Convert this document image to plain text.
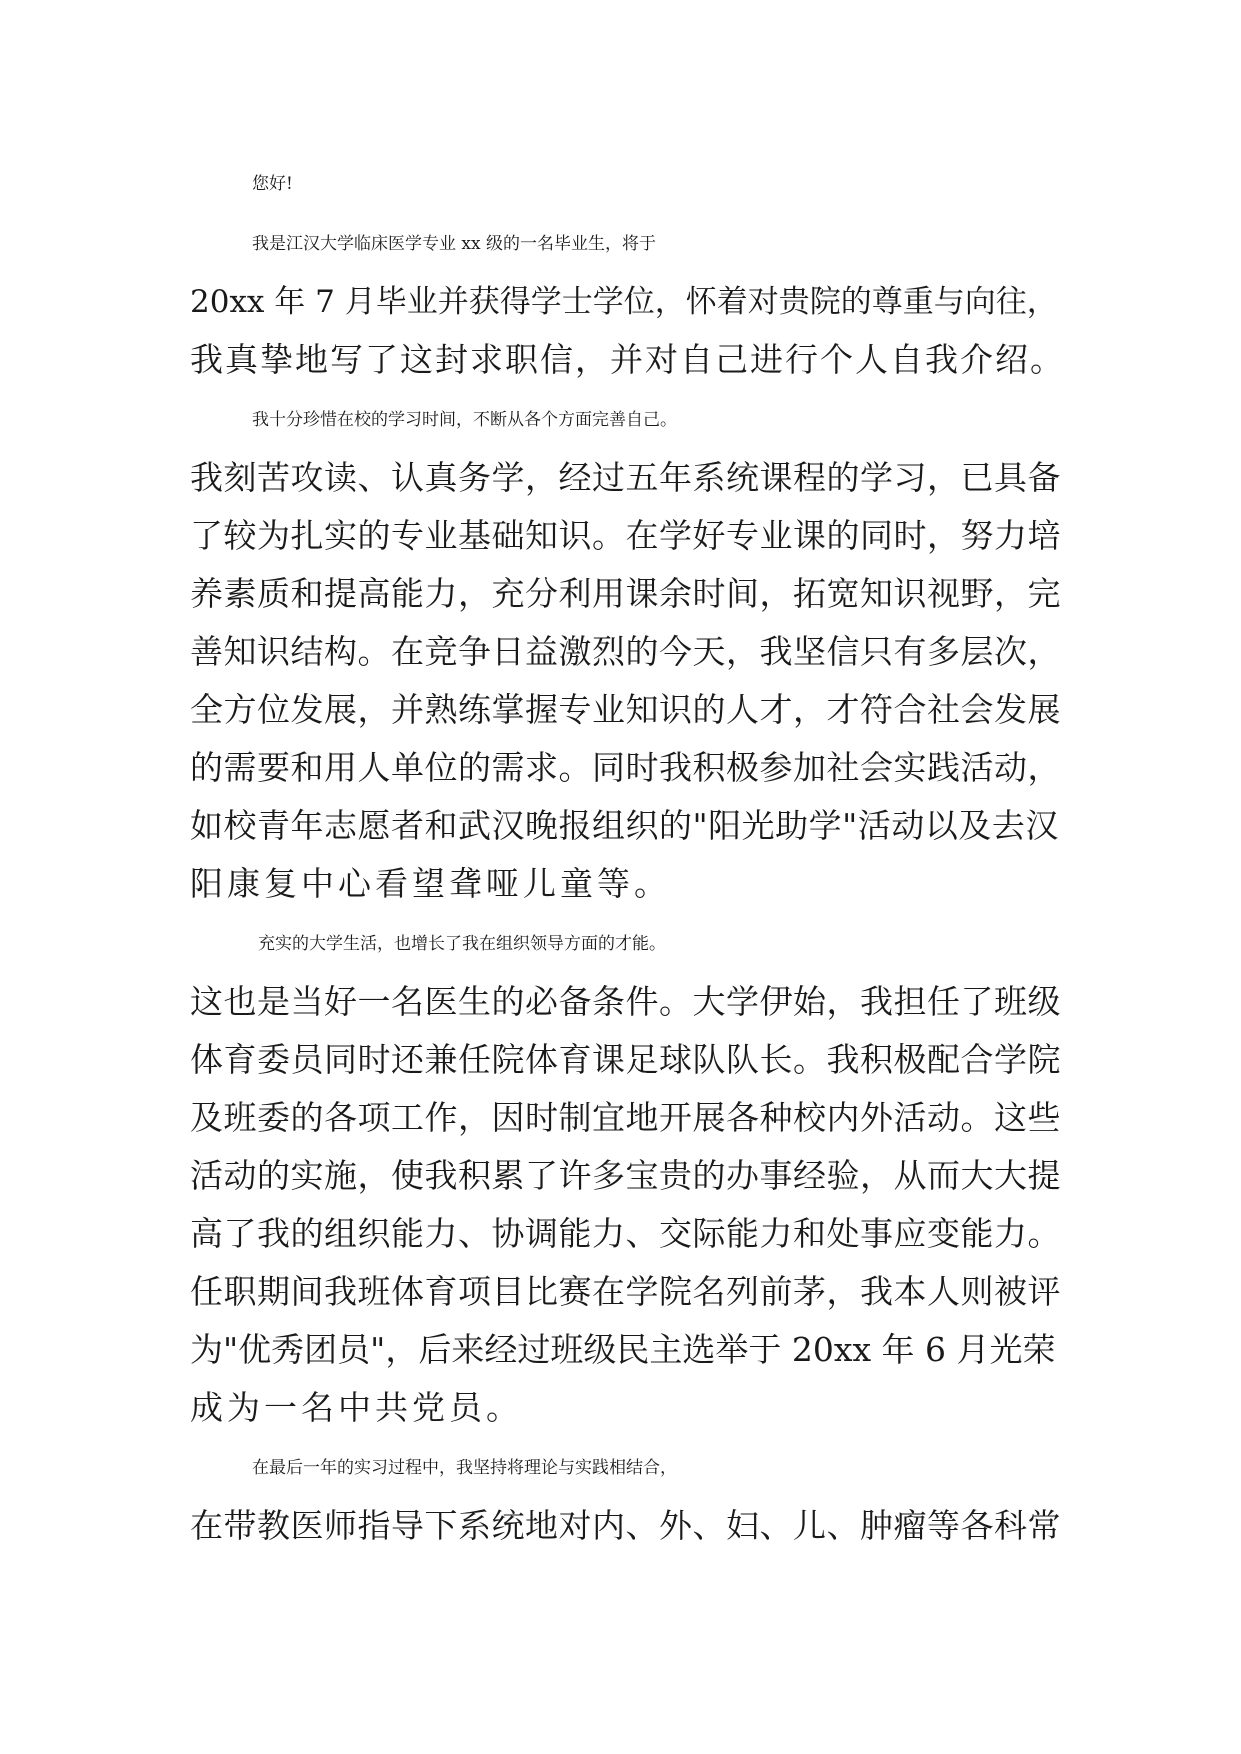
您好!
我是江汉大学临床医学专业 xx 级的一名毕业生，将于
20xx 年 7 月毕业并获得学士学位，怀着对贵院的尊重与向往，
我真挚地写了这封求职信，并对自己进行个人自我介绍。
我十分珍惜在校的学习时间，不断从各个方面完善自己。
我刻苦攻读、认真务学，经过五年系统课程的学习，已具备
了较为扎实的专业基础知识。在学好专业课的同时，努力培
养素质和提高能力，充分利用课余时间，拓宽知识视野，完
善知识结构。在竞争日益激烈的今天，我坚信只有多层次，
全方位发展，并熟练掌握专业知识的人才，才符合社会发展
的需要和用人单位的需求。同时我积极参加社会实践活动，
如校青年志愿者和武汉晚报组织的"阳光助学"活动以及去汉
阳康复中心看望聋哑儿童等。
充实的大学生活，也增长了我在组织领导方面的才能。
这也是当好一名医生的必备条件。大学伊始，我担任了班级
体育委员同时还兼任院体育课足球队队长。我积极配合学院
及班委的各项工作，因时制宜地开展各种校内外活动。这些
活动的实施，使我积累了许多宝贵的办事经验，从而大大提
高了我的组织能力、协调能力、交际能力和处事应变能力。
任职期间我班体育项目比赛在学院名列前茅，我本人则被评
为"优秀团员"，后来经过班级民主选举于 20xx 年 6 月光荣
成为一名中共党员。
在最后一年的实习过程中，我坚持将理论与实践相结合，
在带教医师指导下系统地对内、外、妇、儿、肿瘤等各科常
